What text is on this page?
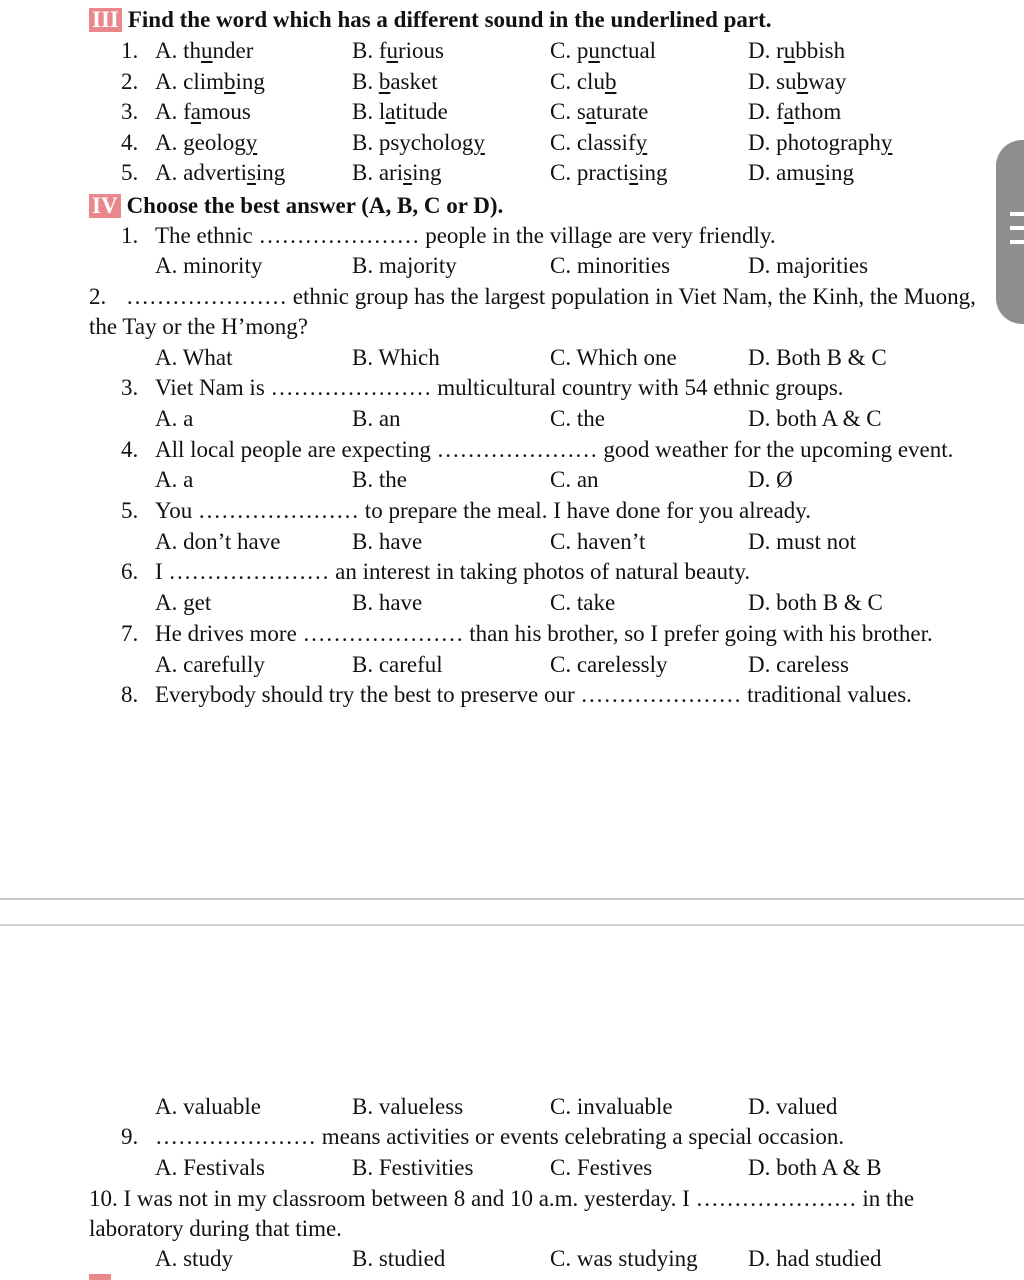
III Find the word which has a different sound in the underlined part.
1. A. thunder	B. furious	C. punctual	D. rubbish
2. A. climbing	B. basket	C. club	D. subway
3. A. famous	B. latitude	C. saturate	D. fathom
4. A. geology	B. psychology	C. classify	D. photography
5. A. advertising	B. arising	C. practising	D. amusing
IV Choose the best answer (A, B, C or D).
1. The ethnic ………………… people in the village are very friendly.
A. minority	B. majority	C. minorities	D. majorities
2. ………………… ethnic group has the largest population in Viet Nam, the Kinh, the Muong,
the Tay or the H’mong?
A. What	B. Which	C. Which one	D. Both B & C
3. Viet Nam is ………………… multicultural country with 54 ethnic groups.
A. a	B. an	C. the	D. both A & C
4. All local people are expecting ………………… good weather for the upcoming event.
A. a	B. the	C. an	D. Ø
5. You ………………… to prepare the meal. I have done for you already.
A. don’t have	B. have	C. haven’t	D. must not
6. I ………………… an interest in taking photos of natural beauty.
A. get	B. have	C. take	D. both B & C
7. He drives more ………………… than his brother, so I prefer going with his brother.
A. carefully	B. careful	C. carelessly	D. careless
8. Everybody should try the best to preserve our ………………… traditional values.
A. valuable	B. valueless	C. invaluable	D. valued
9. ………………… means activities or events celebrating a special occasion.
A. Festivals	B. Festivities	C. Festives	D. both A & B
10. I was not in my classroom between 8 and 10 a.m. yesterday. I ………………… in the
laboratory during that time.
A. study	B. studied	C. was studying D. had studied
